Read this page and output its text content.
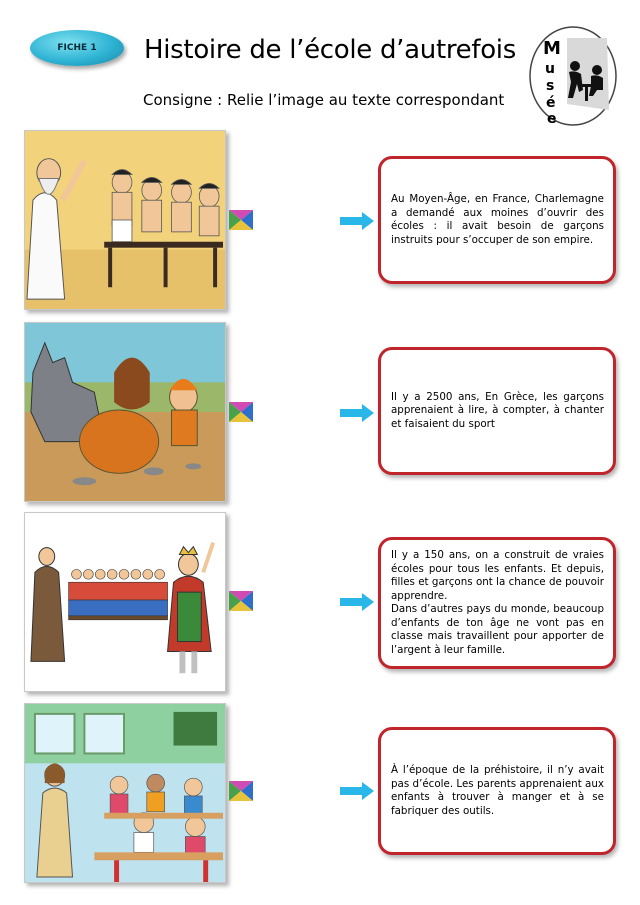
FICHE 1 Histoire de l’école d’autrefois
Consigne : Relie l’image au texte correspondant
M
u
s
é
e

Au Moyen-Âge, en France, Charlemagne a demandé aux moines d’ouvrir des écoles : il avait besoin de garçons instruits pour s’occuper de son empire.

Il y a 2500 ans, En Grèce, les garçons apprenaient à lire, à compter, à chanter et faisaient du sport

Il y a 150 ans, on a construit de vraies écoles pour tous les enfants. Et depuis, filles et garçons ont la chance de pouvoir apprendre.
Dans d’autres pays du monde, beaucoup d’enfants de ton âge ne vont pas en classe mais travaillent pour apporter de l’argent à leur famille.

À l’époque de la préhistoire, il n’y avait pas d’école. Les parents apprenaient aux enfants à trouver à manger et à se fabriquer des outils.
